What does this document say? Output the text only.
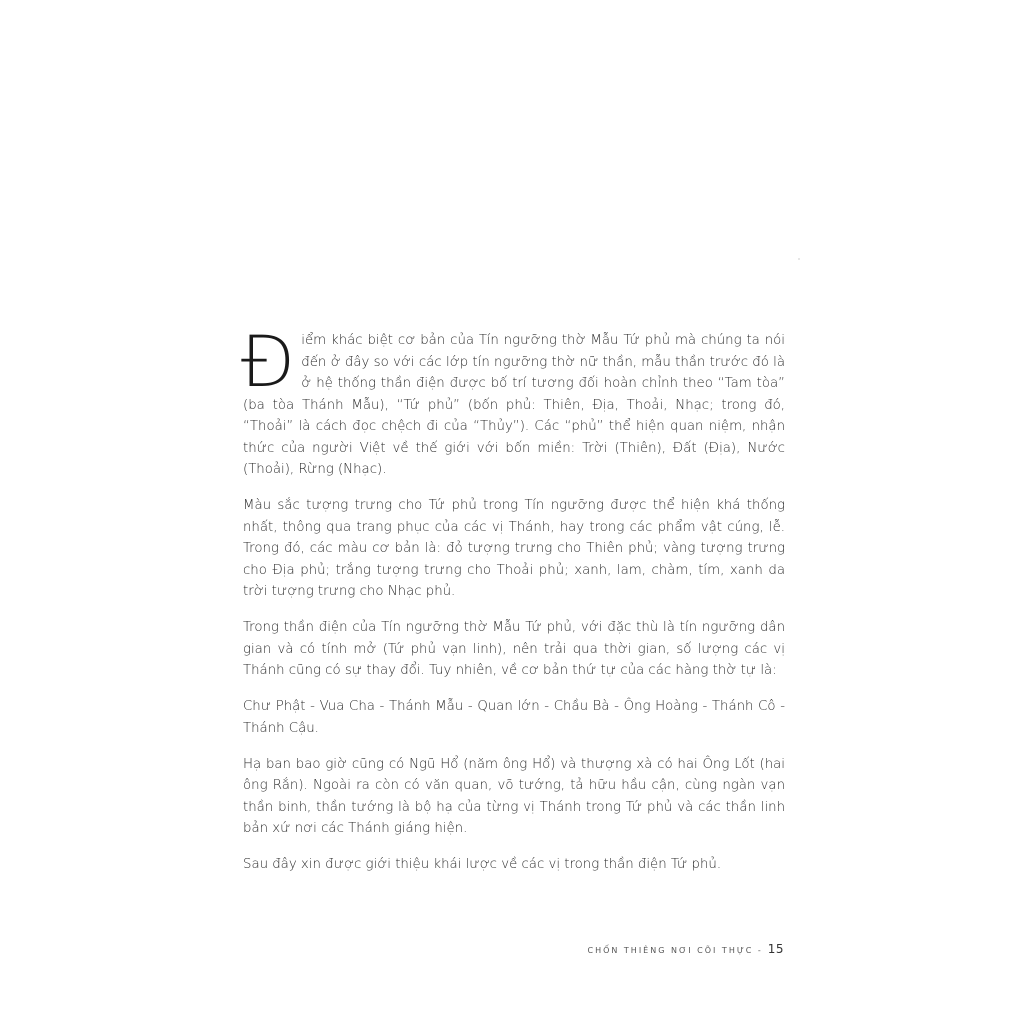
Điểm khác biệt cơ bản của Tín ngưỡng thờ Mẫu Tứ phủ mà chúng ta nói đến ở đây so với các lớp tín ngưỡng thờ nữ thần, mẫu thần trước đó là ở hệ thống thần điện được bố trí tương đối hoàn chỉnh theo “Tam tòa” (ba tòa Thánh Mẫu), “Tứ phủ” (bốn phủ: Thiên, Địa, Thoải, Nhạc; trong đó, “Thoải” là cách đọc chệch đi của “Thủy”). Các “phủ” thể hiện quan niệm, nhận thức của người Việt về thế giới với bốn miền: Trời (Thiên), Đất (Địa), Nước (Thoải), Rừng (Nhạc).

Màu sắc tượng trưng cho Tứ phủ trong Tín ngưỡng được thể hiện khá thống nhất, thông qua trang phục của các vị Thánh, hay trong các phẩm vật cúng, lễ. Trong đó, các màu cơ bản là: đỏ tượng trưng cho Thiên phủ; vàng tượng trưng cho Địa phủ; trắng tượng trưng cho Thoải phủ; xanh, lam, chàm, tím, xanh da trời tượng trưng cho Nhạc phủ.

Trong thần điện của Tín ngưỡng thờ Mẫu Tứ phủ, với đặc thù là tín ngưỡng dân gian và có tính mở (Tứ phủ vạn linh), nên trải qua thời gian, số lượng các vị Thánh cũng có sự thay đổi. Tuy nhiên, về cơ bản thứ tự của các hàng thờ tự là:

Chư Phật - Vua Cha - Thánh Mẫu - Quan lớn - Chầu Bà - Ông Hoàng - Thánh Cô - Thánh Cậu.

Hạ ban bao giờ cũng có Ngũ Hổ (năm ông Hổ) và thượng xà có hai Ông Lốt (hai ông Rắn). Ngoài ra còn có văn quan, võ tướng, tả hữu hầu cận, cùng ngàn vạn thần binh, thần tướng là bộ hạ của từng vị Thánh trong Tứ phủ và các thần linh bản xứ nơi các Thánh giáng hiện.

Sau đây xin được giới thiệu khái lược về các vị trong thần điện Tứ phủ.

CHỐN THIÊNG NƠI CÕI THỰC - 15
